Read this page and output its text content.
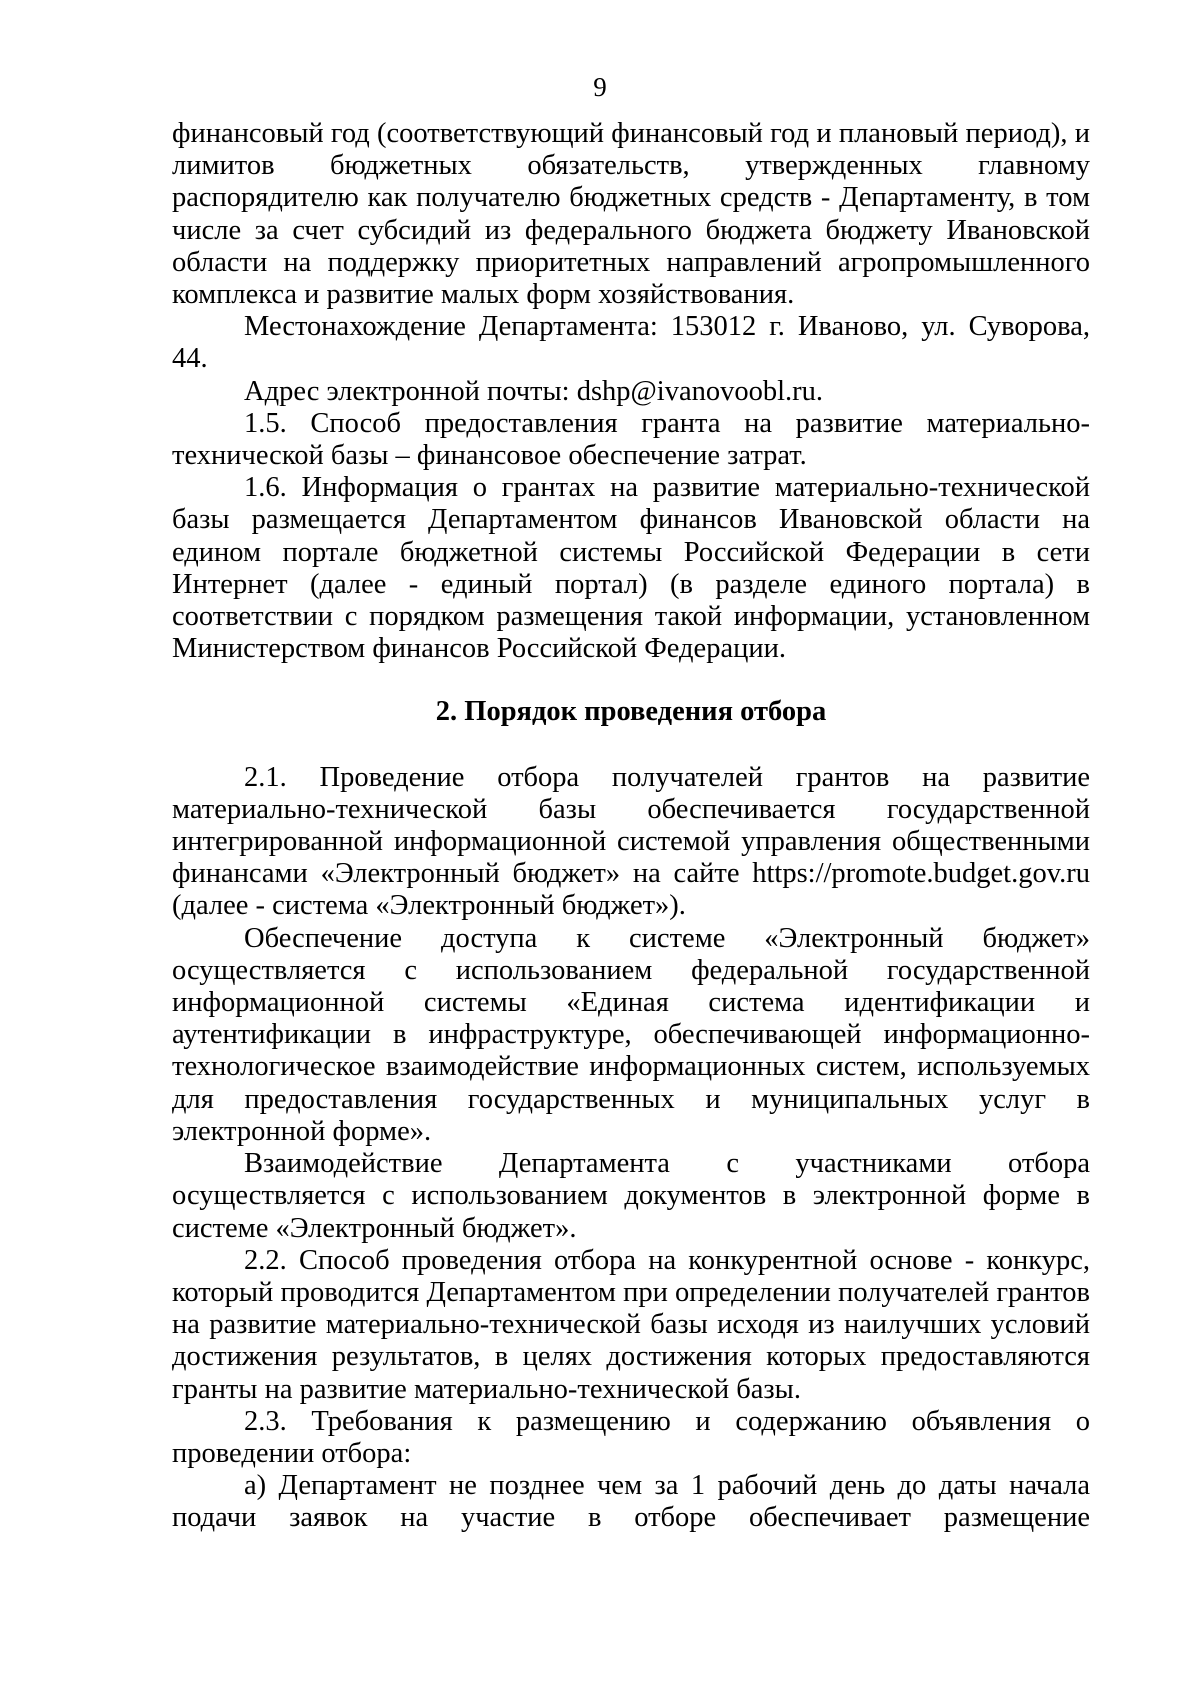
9

финансовый год (соответствующий финансовый год и плановый период), и лимитов бюджетных обязательств, утвержденных главному распорядителю как получателю бюджетных средств - Департаменту, в том числе за счет субсидий из федерального бюджета бюджету Ивановской области на поддержку приоритетных направлений агропромышленного комплекса и развитие малых форм хозяйствования.

Местонахождение Департамента: 153012 г. Иваново, ул. Суворова, 44.

Адрес электронной почты: dshp@ivanovoobl.ru.

1.5. Способ предоставления гранта на развитие материально-технической базы – финансовое обеспечение затрат.

1.6. Информация о грантах на развитие материально-технической базы размещается Департаментом финансов Ивановской области на едином портале бюджетной системы Российской Федерации в сети Интернет (далее - единый портал) (в разделе единого портала) в соответствии с порядком размещения такой информации, установленном Министерством финансов Российской Федерации.

2. Порядок проведения отбора

2.1. Проведение отбора получателей грантов на развитие материально-технической базы обеспечивается государственной интегрированной информационной системой управления общественными финансами «Электронный бюджет» на сайте https://promote.budget.gov.ru (далее - система «Электронный бюджет»).

Обеспечение доступа к системе «Электронный бюджет» осуществляется с использованием федеральной государственной информационной системы «Единая система идентификации и аутентификации в инфраструктуре, обеспечивающей информационно-технологическое взаимодействие информационных систем, используемых для предоставления государственных и муниципальных услуг в электронной форме».

Взаимодействие Департамента с участниками отбора осуществляется с использованием документов в электронной форме в системе «Электронный бюджет».

2.2. Способ проведения отбора на конкурентной основе - конкурс, который проводится Департаментом при определении получателей грантов на развитие материально-технической базы исходя из наилучших условий достижения результатов, в целях достижения которых предоставляются гранты на развитие материально-технической базы.

2.3. Требования к размещению и содержанию объявления о проведении отбора:

а) Департамент не позднее чем за 1 рабочий день до даты начала подачи заявок на участие в отборе обеспечивает размещение
